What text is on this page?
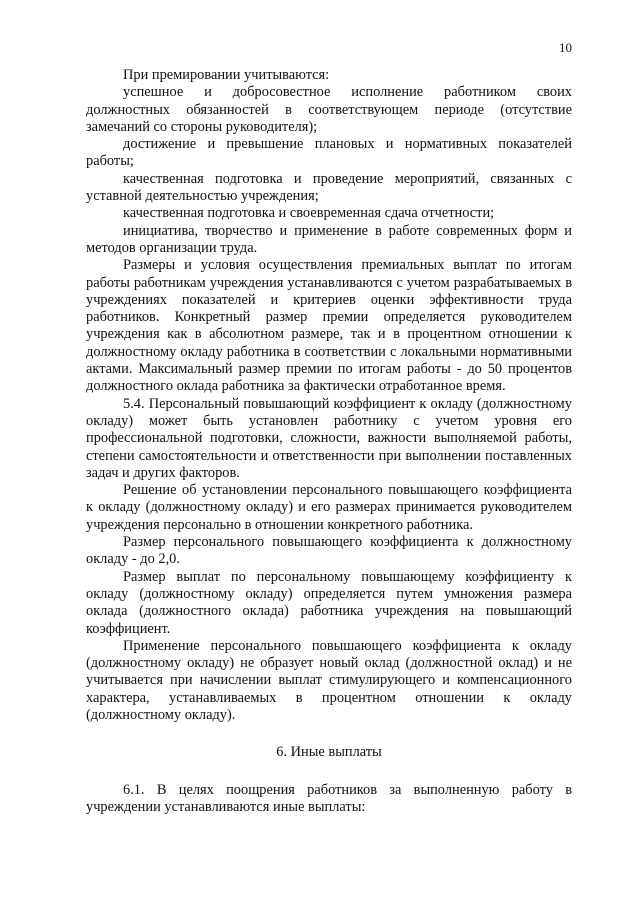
10

При премировании учитываются:

успешное и добросовестное исполнение работником своих должностных обязанностей в соответствующем периоде (отсутствие замечаний со стороны руководителя);

достижение и превышение плановых и нормативных показателей работы;

качественная подготовка и проведение мероприятий, связанных с уставной деятельностью учреждения;

качественная подготовка и своевременная сдача отчетности;

инициатива, творчество и применение в работе современных форм и методов организации труда.

Размеры и условия осуществления премиальных выплат по итогам работы работникам учреждения устанавливаются с учетом разрабатываемых в учреждениях показателей и критериев оценки эффективности труда работников. Конкретный размер премии определяется руководителем учреждения как в абсолютном размере, так и в процентном отношении к должностному окладу работника в соответствии с локальными нормативными актами. Максимальный размер премии по итогам работы - до 50 процентов должностного оклада работника за фактически отработанное время.

5.4. Персональный повышающий коэффициент к окладу (должностному окладу) может быть установлен работнику с учетом уровня его профессиональной подготовки, сложности, важности выполняемой работы, степени самостоятельности и ответственности при выполнении поставленных задач и других факторов.

Решение об установлении персонального повышающего коэффициента к окладу (должностному окладу) и его размерах принимается руководителем учреждения персонально в отношении конкретного работника.

Размер персонального повышающего коэффициента к должностному окладу - до 2,0.

Размер выплат по персональному повышающему коэффициенту к окладу (должностному окладу) определяется путем умножения размера оклада (должностного оклада) работника учреждения на повышающий коэффициент.

Применение персонального повышающего коэффициента к окладу (должностному окладу) не образует новый оклад (должностной оклад) и не учитывается при начислении выплат стимулирующего и компенсационного характера, устанавливаемых в процентном отношении к окладу (должностному окладу).

6. Иные выплаты

6.1. В целях поощрения работников за выполненную работу в учреждении устанавливаются иные выплаты:
